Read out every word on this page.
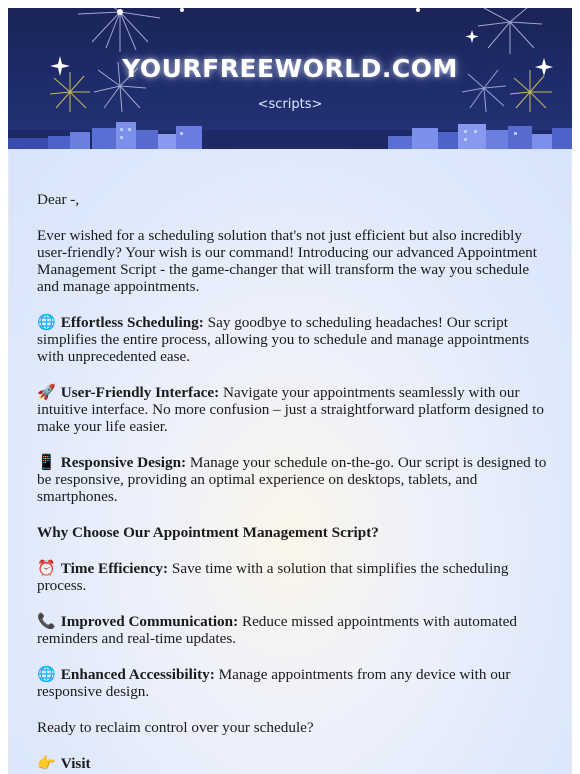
YOURFREEWORLD.COM
<scripts>

Dear -,

Ever wished for a scheduling solution that's not just efficient but also incredibly user-friendly? Your wish is our command! Introducing our advanced Appointment Management Script - the game-changer that will transform the way you schedule and manage appointments.

🌐 Effortless Scheduling: Say goodbye to scheduling headaches! Our script simplifies the entire process, allowing you to schedule and manage appointments with unprecedented ease.

🚀 User-Friendly Interface: Navigate your appointments seamlessly with our intuitive interface. No more confusion – just a straightforward platform designed to make your life easier.

📱 Responsive Design: Manage your schedule on-the-go. Our script is designed to be responsive, providing an optimal experience on desktops, tablets, and smartphones.

Why Choose Our Appointment Management Script?

⏰ Time Efficiency: Save time with a solution that simplifies the scheduling process.

📞 Improved Communication: Reduce missed appointments with automated reminders and real-time updates.

🌐 Enhanced Accessibility: Manage appointments from any device with our responsive design.

Ready to reclaim control over your schedule?

👉 Visit
